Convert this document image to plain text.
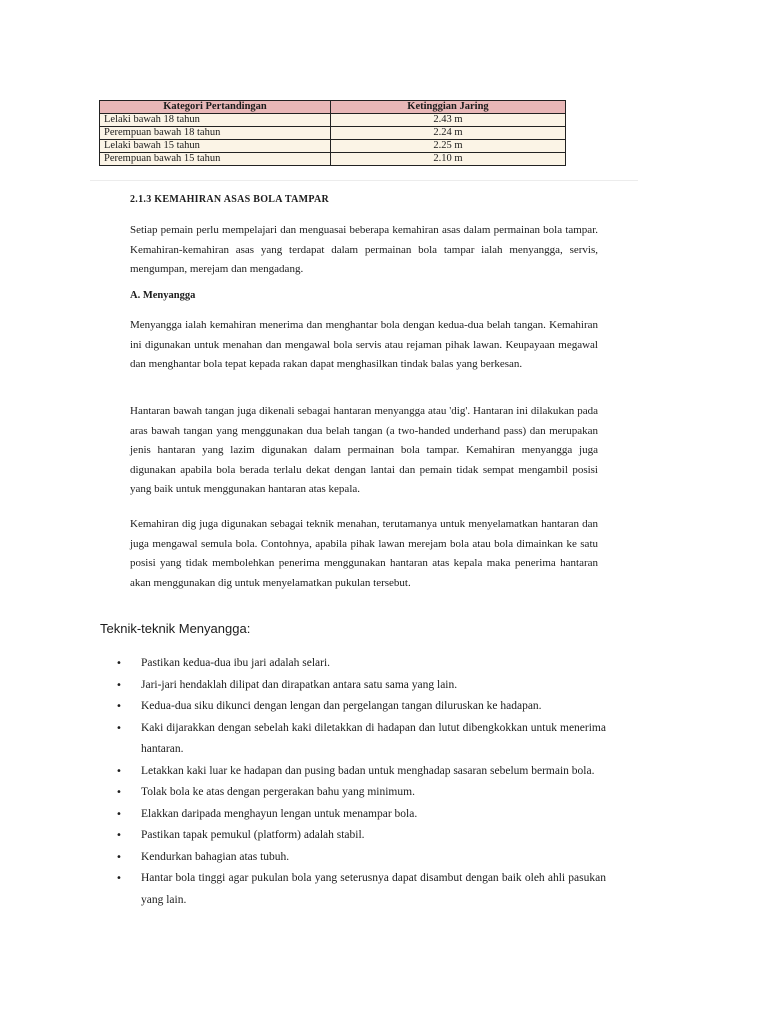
Kategori Pertandingan	Ketinggian Jaring
Lelaki bawah 18 tahun	2.43 m
Perempuan bawah 18 tahun	2.24 m
Lelaki bawah 15 tahun	2.25 m
Perempuan bawah 15 tahun	2.10 m
2.1.3 KEMAHIRAN ASAS BOLA TAMPAR

Setiap pemain perlu mempelajari dan menguasai beberapa kemahiran asas dalam permainan bola tampar. Kemahiran-kemahiran asas yang terdapat dalam permainan bola tampar ialah menyangga, servis, mengumpan, merejam dan mengadang.

A. Menyangga

Menyangga ialah kemahiran menerima dan menghantar bola dengan kedua-dua belah tangan. Kemahiran ini digunakan untuk menahan dan mengawal bola servis atau rejaman pihak lawan. Keupayaan megawal dan menghantar bola tepat kepada rakan dapat menghasilkan tindak balas yang berkesan.

Hantaran bawah tangan juga dikenali sebagai hantaran menyangga atau 'dig'. Hantaran ini dilakukan pada aras bawah tangan yang menggunakan dua belah tangan (a two-handed underhand pass) dan merupakan jenis hantaran yang lazim digunakan dalam permainan bola tampar. Kemahiran menyangga juga digunakan apabila bola berada terlalu dekat dengan lantai dan pemain tidak sempat mengambil posisi yang baik untuk menggunakan hantaran atas kepala.

Kemahiran dig juga digunakan sebagai teknik menahan, terutamanya untuk menyelamatkan hantaran dan juga mengawal semula bola. Contohnya, apabila pihak lawan merejam bola atau bola dimainkan ke satu posisi yang tidak membolehkan penerima menggunakan hantaran atas kepala maka penerima hantaran akan menggunakan dig untuk menyelamatkan pukulan tersebut.

Teknik-teknik Menyangga:
• Pastikan kedua-dua ibu jari adalah selari.
• Jari-jari hendaklah dilipat dan dirapatkan antara satu sama yang lain.
• Kedua-dua siku dikunci dengan lengan dan pergelangan tangan diluruskan ke hadapan.
• Kaki dijarakkan dengan sebelah kaki diletakkan di hadapan dan lutut dibengkokkan untuk menerima hantaran.
• Letakkan kaki luar ke hadapan dan pusing badan untuk menghadap sasaran sebelum bermain bola.
• Tolak bola ke atas dengan pergerakan bahu yang minimum.
• Elakkan daripada menghayun lengan untuk menampar bola.
• Pastikan tapak pemukul (platform) adalah stabil.
• Kendurkan bahagian atas tubuh.
• Hantar bola tinggi agar pukulan bola yang seterusnya dapat disambut dengan baik oleh ahli pasukan yang lain.
